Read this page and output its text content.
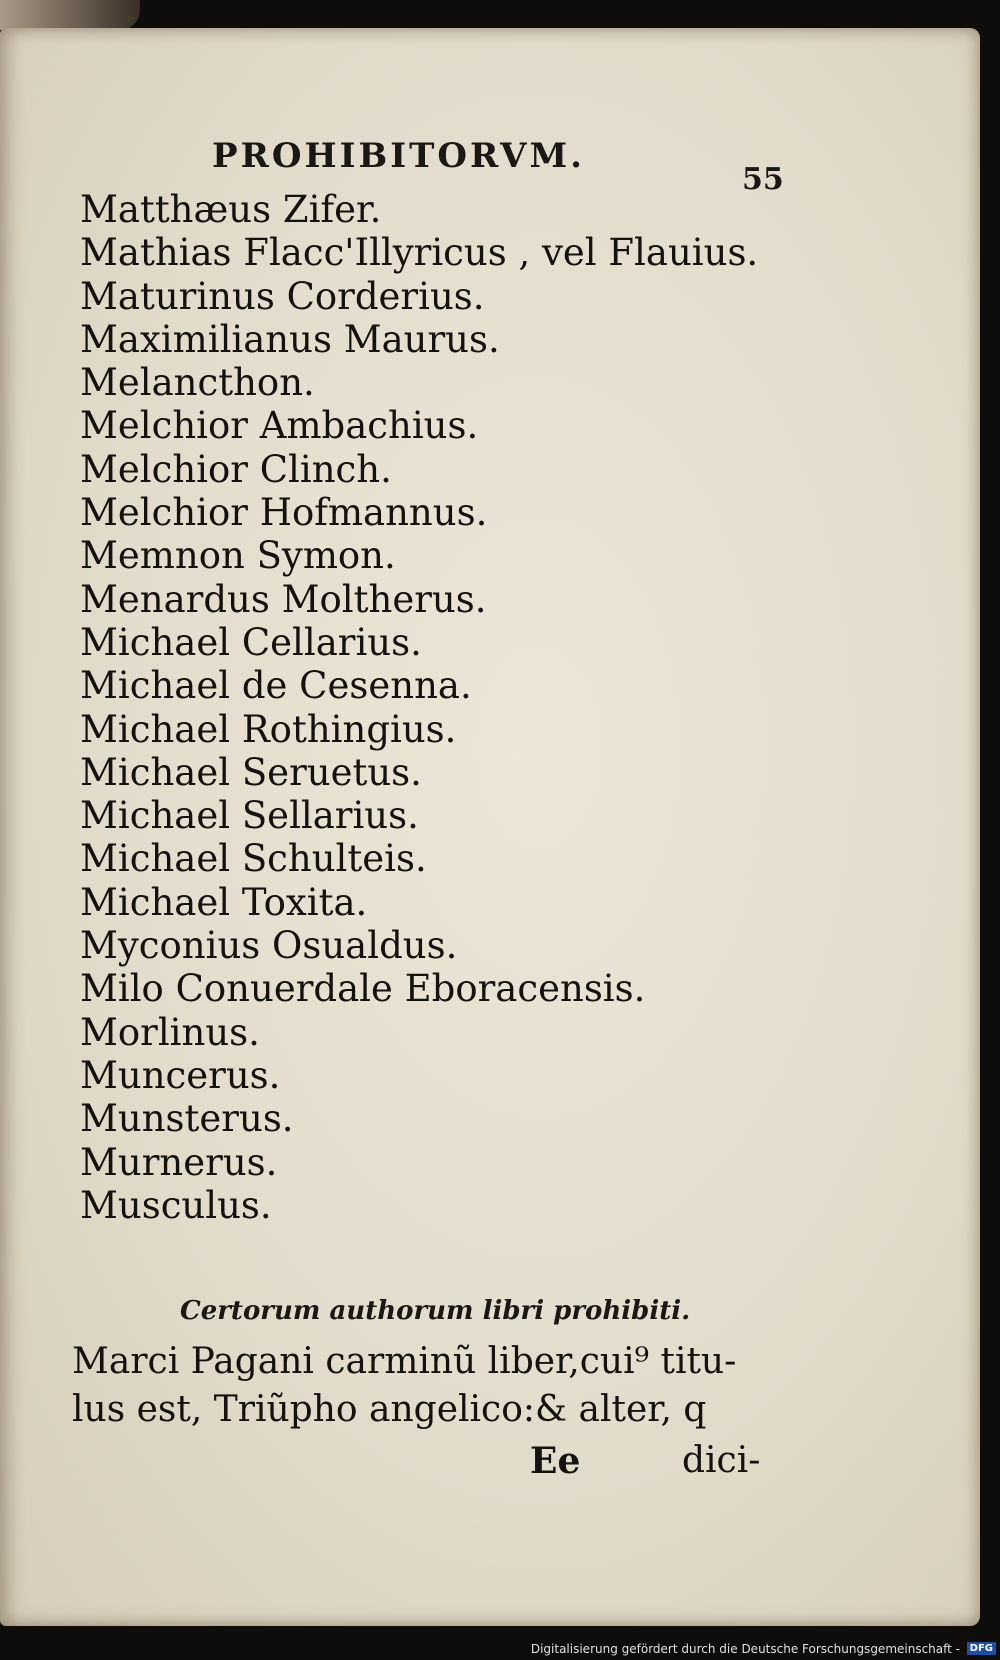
PROHIBITORVM.
55
Matthæus Zifer.
Mathias Flacc'Illyricus , vel Flauius.
Maturinus Corderius.
Maximilianus Maurus.
Melancthon.
Melchior Ambachius.
Melchior Clinch.
Melchior Hofmannus.
Memnon Symon.
Menardus Moltherus.
Michael Cellarius.
Michael de Cesenna.
Michael Rothingius.
Michael Seruetus.
Michael Sellarius.
Michael Schulteis.
Michael Toxita.
Myconius Osualdus.
Milo Conuerdale Eboracensis.
Morlinus.
Muncerus.
Munsterus.
Murnerus.
Musculus.
Certorum authorum libri prohibiti.

Marci Pagani carminũ liber,cui⁹ titu-

lus est, Triũpho angelico:& alter, q

Ee	dici-
Digitalisierung gefördert durch die Deutsche Forschungsgemeinschaft - DFG
